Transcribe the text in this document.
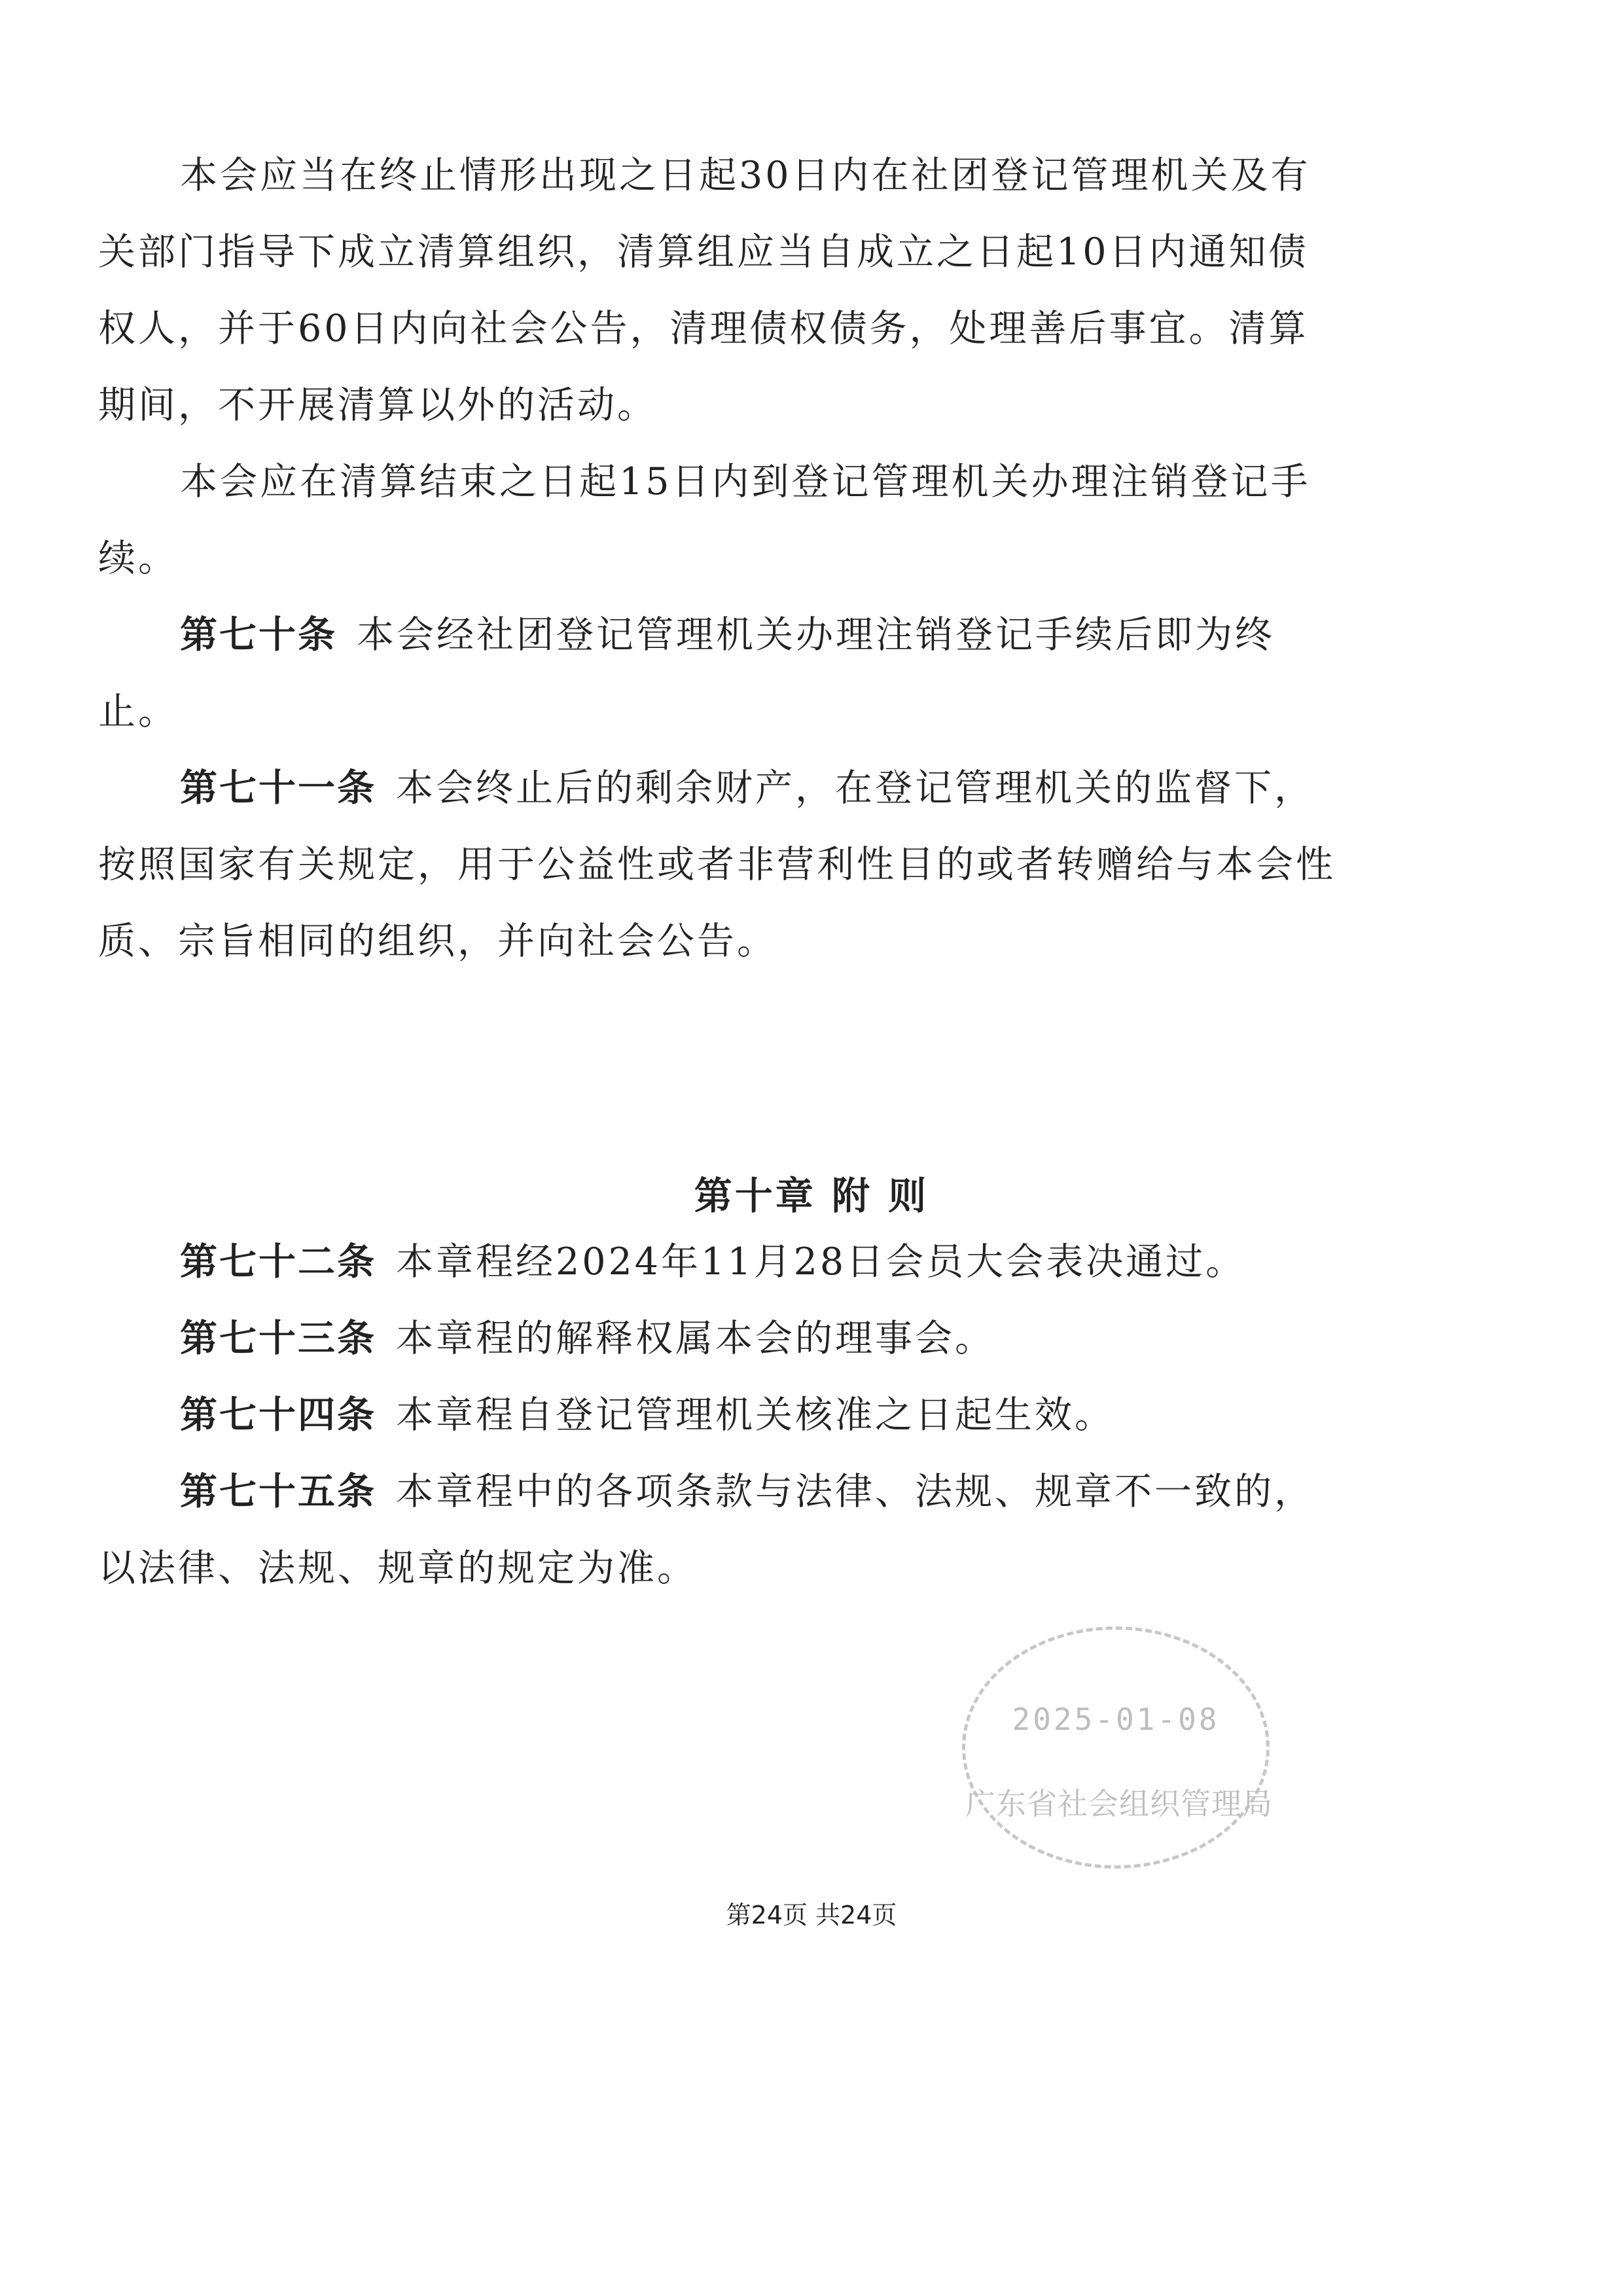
本会应当在终止情形出现之日起30日内在社团登记管理机关及有关部门指导下成立清算组织，清算组应当自成立之日起10日内通知债权人，并于60日内向社会公告，清理债权债务，处理善后事宜。清算期间，不开展清算以外的活动。

本会应在清算结束之日起15日内到登记管理机关办理注销登记手续。

第七十条 本会经社团登记管理机关办理注销登记手续后即为终止。

第七十一条 本会终止后的剩余财产，在登记管理机关的监督下，按照国家有关规定，用于公益性或者非营利性目的或者转赠给与本会性质、宗旨相同的组织，并向社会公告。

第十章 附 则

第七十二条 本章程经2024年11月28日会员大会表决通过。

第七十三条 本章程的解释权属本会的理事会。

第七十四条 本章程自登记管理机关核准之日起生效。

第七十五条 本章程中的各项条款与法律、法规、规章不一致的，以法律、法规、规章的规定为准。

2025-01-08
广东省社会组织管理局
第24页 共24页
